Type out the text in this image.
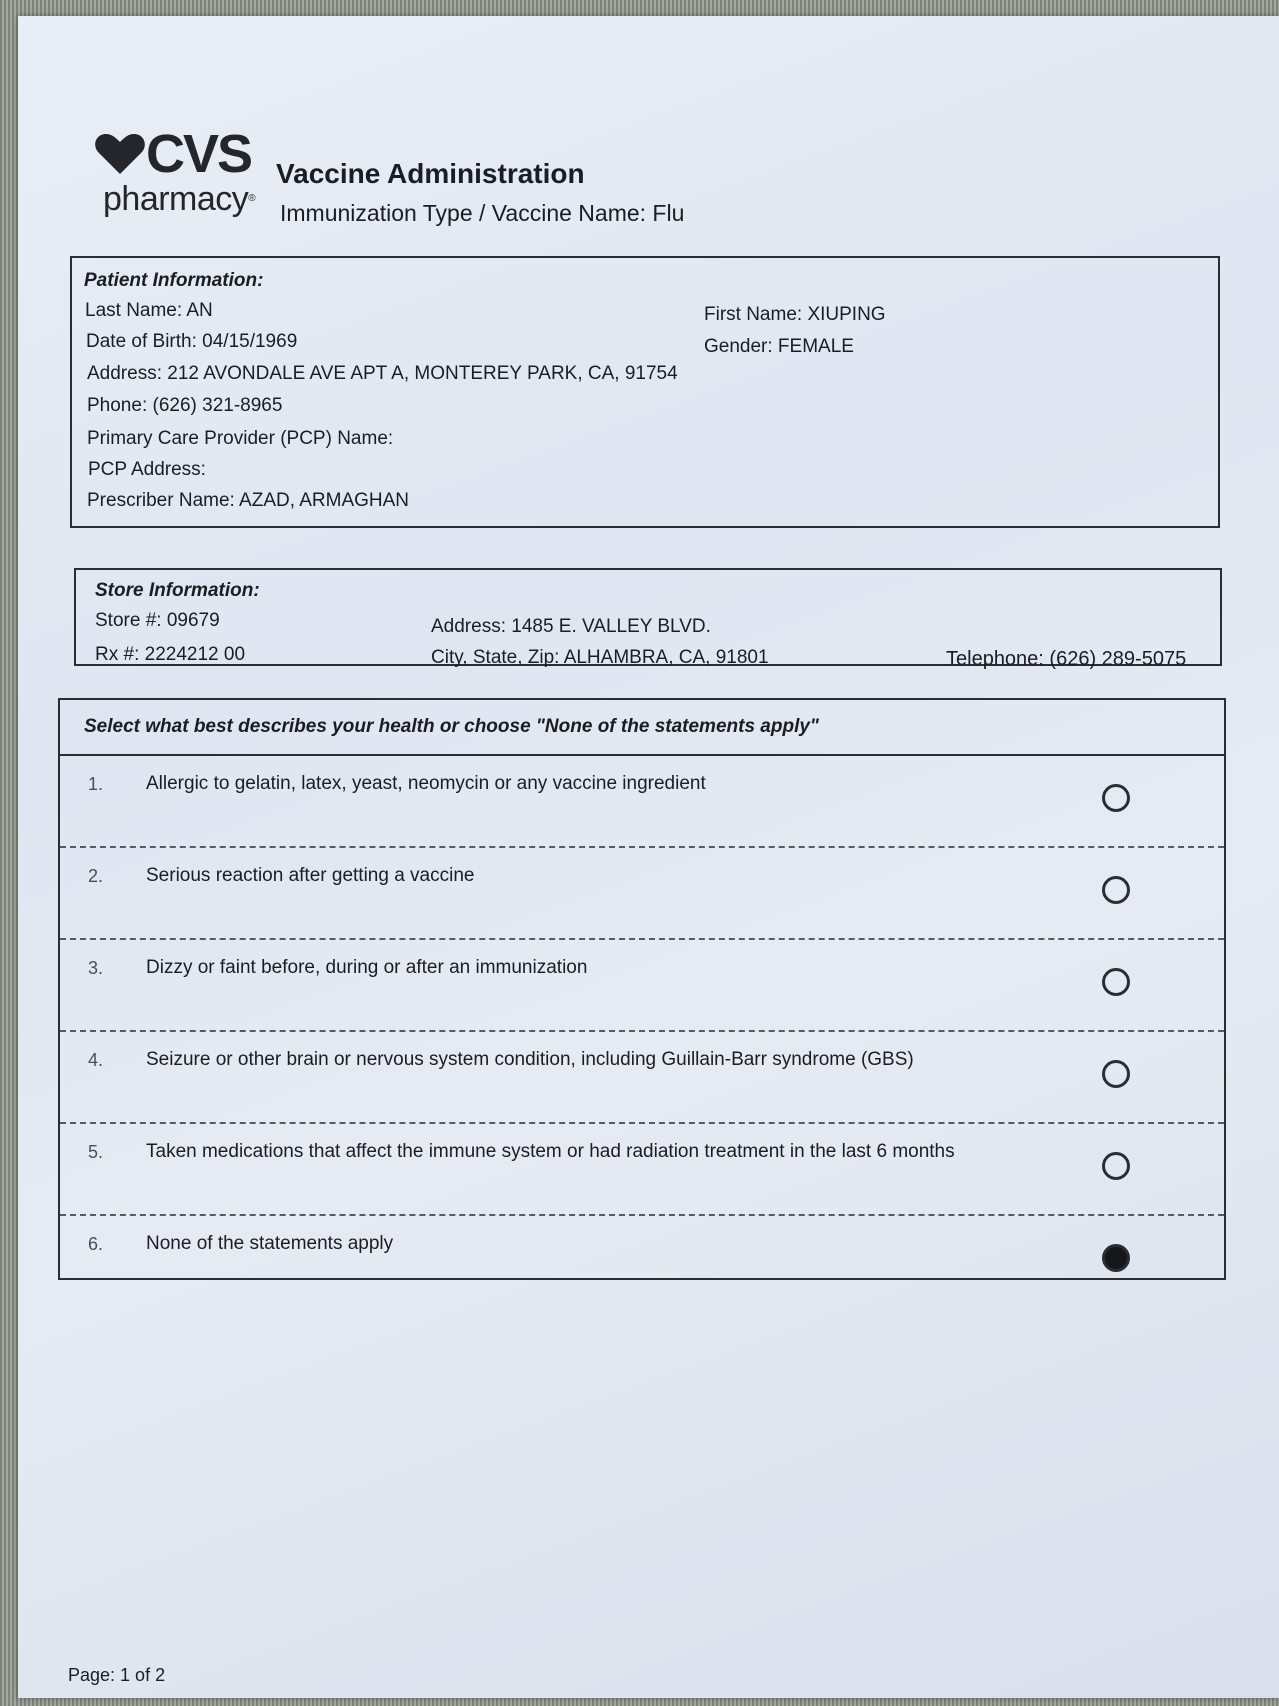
CVS
pharmacy®
Vaccine Administration
Immunization Type / Vaccine Name: Flu
Patient Information:
Last Name: AN	First Name: XIUPING
Date of Birth: 04/15/1969	Gender: FEMALE
Address: 212 AVONDALE AVE APT A, MONTEREY PARK, CA, 91754
Phone: (626) 321-8965
Primary Care Provider (PCP) Name:
PCP Address:
Prescriber Name: AZAD, ARMAGHAN
Store Information:
Store #: 09679
Rx #: 2224212 00
Address: 1485 E. VALLEY BLVD.
City, State, Zip: ALHAMBRA, CA, 91801	Telephone: (626) 289-5075
Select what best describes your health or choose "None of the statements apply"
1. Allergic to gelatin, latex, yeast, neomycin or any vaccine ingredient
2. Serious reaction after getting a vaccine
3. Dizzy or faint before, during or after an immunization
4. Seizure or other brain or nervous system condition, including Guillain-Barr syndrome (GBS)
5. Taken medications that affect the immune system or had radiation treatment in the last 6 months
6. None of the statements apply
Page: 1 of 2
